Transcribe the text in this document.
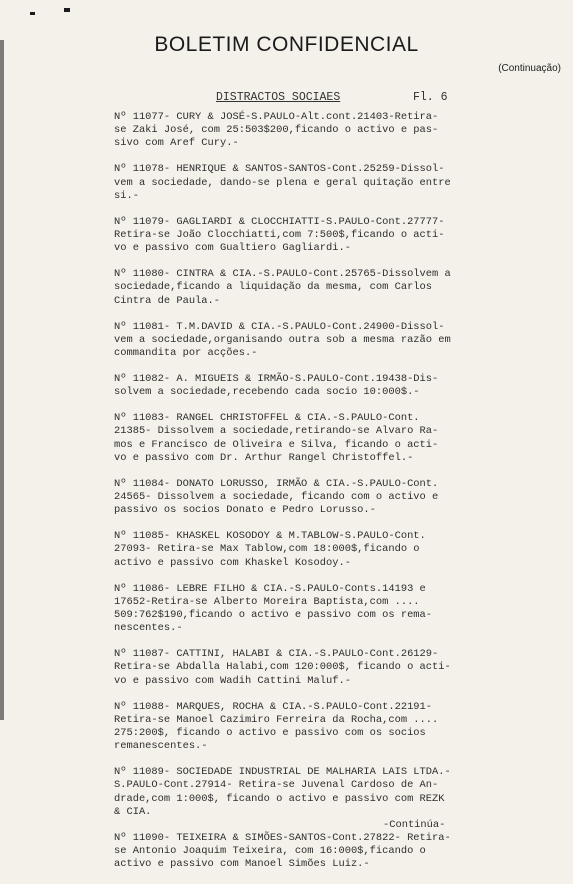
BOLETIM CONFIDENCIAL
(Continuação)
DISTRACTOS SOCIAES	Fl. 6

Nº 11077- CURY & JOSÉ-S.PAULO-Alt.cont.21403-Retira-
se Zaki José, com 25:503$200,ficando o activo e pas-
sivo com Aref Cury.-

Nº 11078- HENRIQUE & SANTOS-SANTOS-Cont.25259-Dissol-
vem a sociedade, dando-se plena e geral quitação entre
si.-

Nº 11079- GAGLIARDI & CLOCCHIATTI-S.PAULO-Cont.27777-
Retira-se João Clocchiatti,com 7:500$,ficando o acti-
vo e passivo com Gualtiero Gagliardi.-

Nº 11080- CINTRA & CIA.-S.PAULO-Cont.25765-Dissolvem a
sociedade,ficando a liquidação da mesma, com Carlos
Cintra de Paula.-

Nº 11081- T.M.DAVID & CIA.-S.PAULO-Cont.24900-Dissol-
vem a sociedade,organisando outra sob a mesma razão em
commandita por acções.-

Nº 11082- A. MIGUEIS & IRMÃO-S.PAULO-Cont.19438-Dis-
solvem a sociedade,recebendo cada socio 10:000$.-

Nº 11083- RANGEL CHRISTOFFEL & CIA.-S.PAULO-Cont.
21385- Dissolvem a sociedade,retirando-se Alvaro Ra-
mos e Francisco de Oliveira e Silva, ficando o acti-
vo e passivo com Dr. Arthur Rangel Christoffel.-

Nº 11084- DONATO LORUSSO, IRMÃO & CIA.-S.PAULO-Cont.
24565- Dissolvem a sociedade, ficando com o activo e
passivo os socios Donato e Pedro Lorusso.-

Nº 11085- KHASKEL KOSODOY & M.TABLOW-S.PAULO-Cont.
27093- Retira-se Max Tablow,com 18:000$,ficando o
activo e passivo com Khaskel Kosodoy.-

Nº 11086- LEBRE FILHO & CIA.-S.PAULO-Conts.14193 e
17652-Retira-se Alberto Moreira Baptista,com ....
509:762$190,ficando o activo e passivo com os rema-
nescentes.-

Nº 11087- CATTINI, HALABI & CIA.-S.PAULO-Cont.26129-
Retira-se Abdalla Halabi,com 120:000$, ficando o acti-
vo e passivo com Wadih Cattini Maluf.-

Nº 11088- MARQUES, ROCHA & CIA.-S.PAULO-Cont.22191-
Retira-se Manoel Cazimiro Ferreira da Rocha,com ....
275:200$, ficando o activo e passivo com os socios
remanescentes.-

Nº 11089- SOCIEDADE INDUSTRIAL DE MALHARIA LAIS LTDA.-
S.PAULO-Cont.27914- Retira-se Juvenal Cardoso de An-
drade,com 1:000$, ficando o activo e passivo com REZK
& CIA.

Nº 11090- TEIXEIRA & SIMÕES-SANTOS-Cont.27822- Retira-
se Antonio Joaquim Teixeira, com 16:000$,ficando o
activo e passivo com Manoel Simões Luiz.-

-Continúa-
